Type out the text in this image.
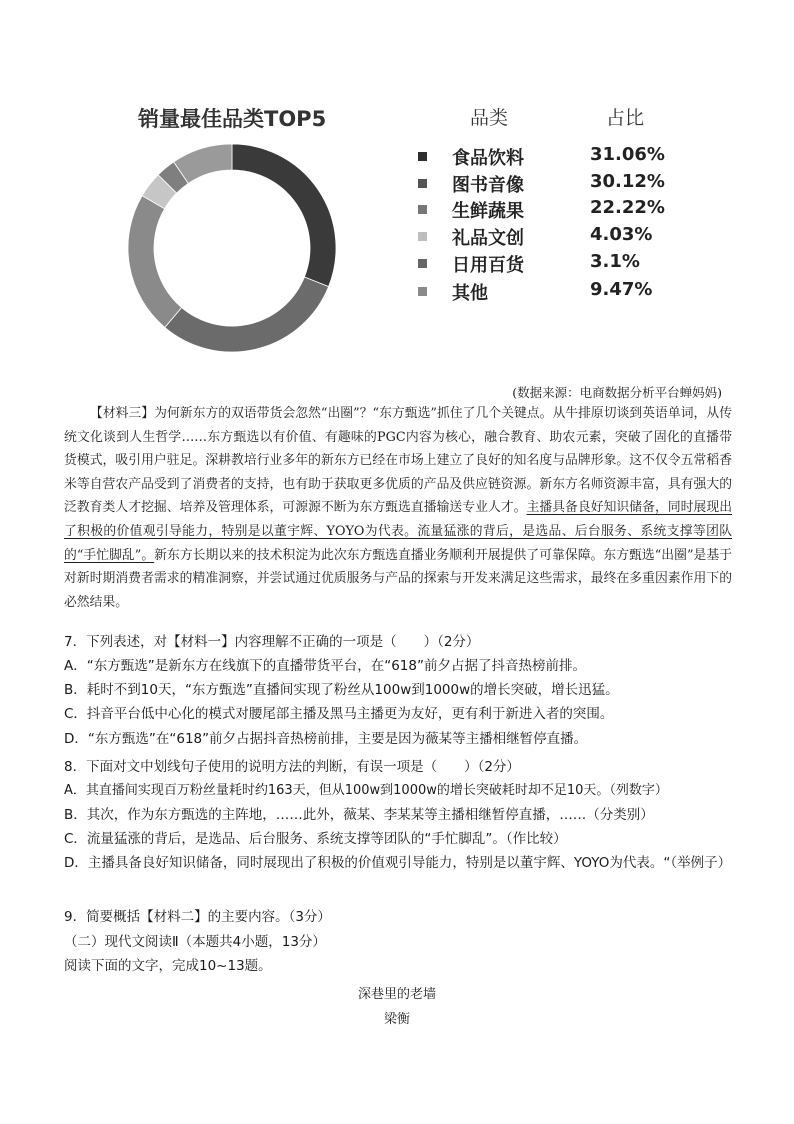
销量最佳品类TOP5	品类	占比
食品饮料	31.06%
图书音像	30.12%
生鲜蔬果	22.22%
礼品文创	4.03%
日用百货	3.1%
其他	9.47%
(数据来源：电商数据分析平台蝉妈妈)
【材料三】为何新东方的双语带货会忽然“出圈”？“东方甄选”抓住了几个关键点。从牛排原切谈到英语单词，从传统文化谈到人生哲学……东方甄选以有价值、有趣味的PGC内容为核心，融合教育、助农元素，突破了固化的直播带货模式，吸引用户驻足。深耕教培行业多年的新东方已经在市场上建立了良好的知名度与品牌形象。这不仅令五常稻香米等自营农产品受到了消费者的支持，也有助于获取更多优质的产品及供应链资源。新东方名师资源丰富，具有强大的泛教育类人才挖掘、培养及管理体系，可源源不断为东方甄选直播输送专业人才。主播具备良好知识储备，同时展现出了积极的价值观引导能力，特别是以董宇辉、YOYO为代表。流量猛涨的背后，是选品、后台服务、系统支撑等团队的“手忙脚乱”。新东方长期以来的技术积淀为此次东方甄选直播业务顺利开展提供了可靠保障。东方甄选“出圈”是基于对新时期消费者需求的精准洞察，并尝试通过优质服务与产品的探索与开发来满足这些需求，最终在多重因素作用下的必然结果。
7．下列表述，对【材料一】内容理解不正确的一项是（　　）（2分）
A．“东方甄选”是新东方在线旗下的直播带货平台，在“618”前夕占据了抖音热榜前排。
B．耗时不到10天，“东方甄选”直播间实现了粉丝从100w到1000w的增长突破，增长迅猛。
C．抖音平台低中心化的模式对腰尾部主播及黑马主播更为友好，更有利于新进入者的突围。
D．“东方甄选”在“618”前夕占据抖音热榜前排，主要是因为薇某等主播相继暂停直播。
8．下面对文中划线句子使用的说明方法的判断，有误一项是（　　）（2分）
A．其直播间实现百万粉丝量耗时约163天，但从100w到1000w的增长突破耗时却不足10天。（列数字）
B．其次，作为东方甄选的主阵地，……此外，薇某、李某某等主播相继暂停直播，……（分类别）
C．流量猛涨的背后，是选品、后台服务、系统支撑等团队的“手忙脚乱”。（作比较）
D．主播具备良好知识储备，同时展现出了积极的价值观引导能力，特别是以董宇辉、YOYO为代表。“（举例子）
9．简要概括【材料二】的主要内容。（3分）
（二）现代文阅读Ⅱ（本题共4小题，13分）
阅读下面的文字，完成10~13题。
深巷里的老墙
梁衡
